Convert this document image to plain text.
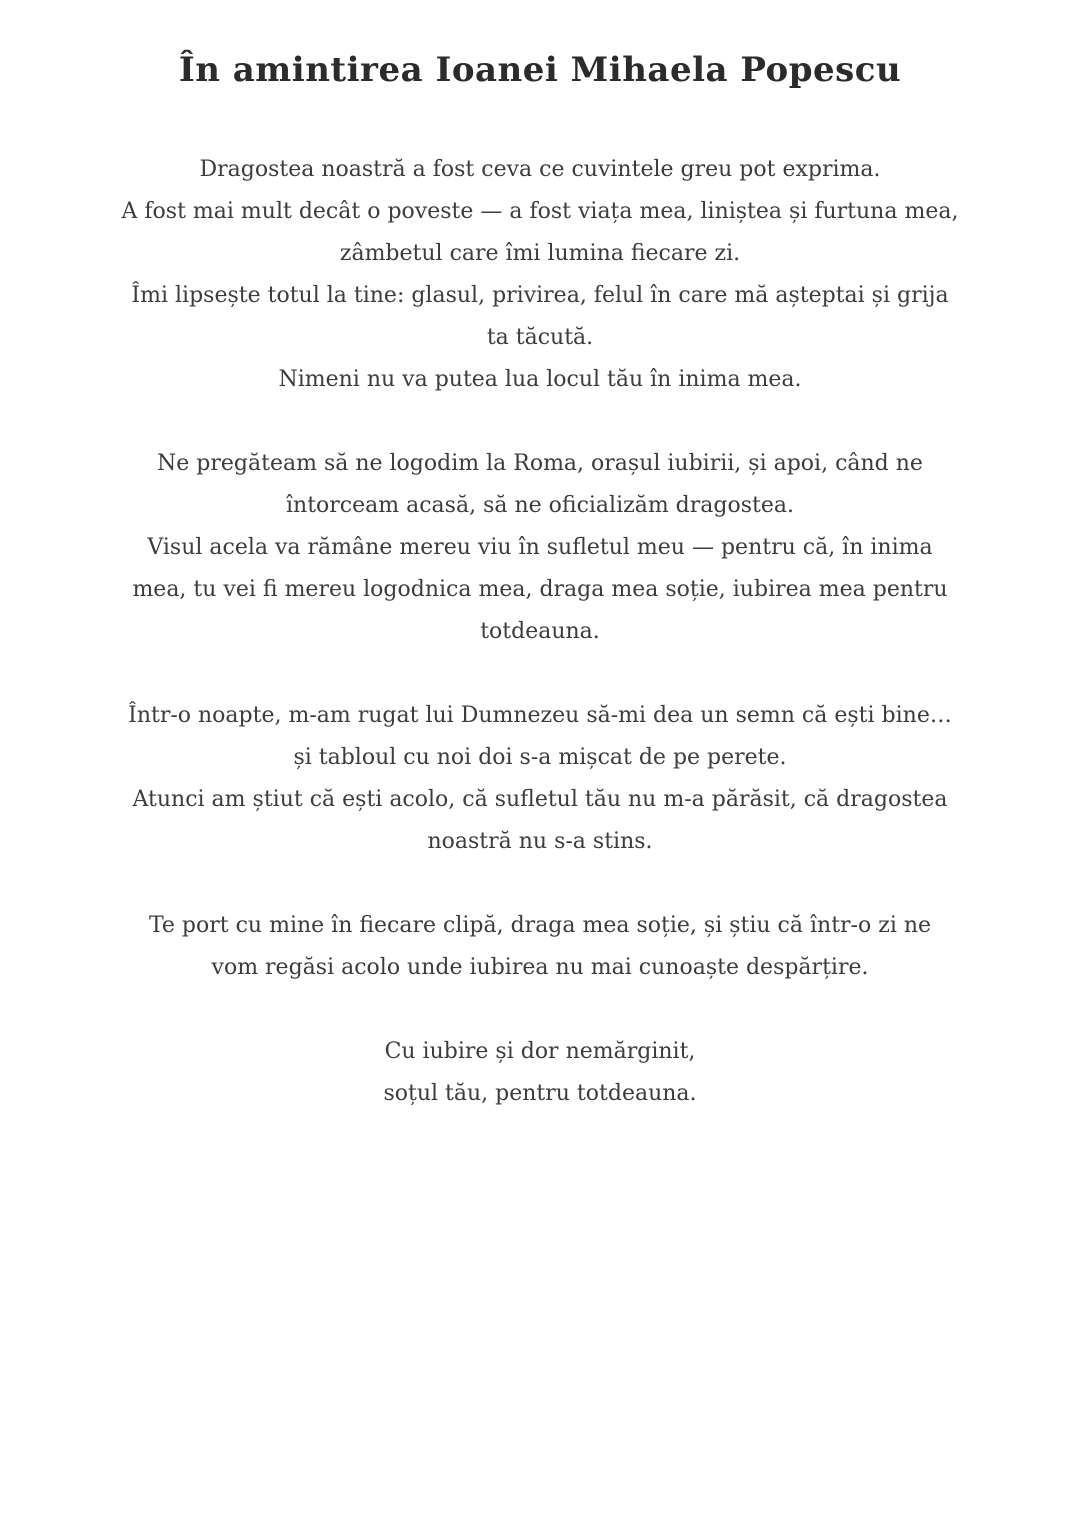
În amintirea Ioanei Mihaela Popescu
Dragostea noastră a fost ceva ce cuvintele greu pot exprima.
A fost mai mult decât o poveste — a fost viața mea, liniștea și furtuna mea,
zâmbetul care îmi lumina fiecare zi.
Îmi lipsește totul la tine: glasul, privirea, felul în care mă așteptai și grija
ta tăcută.
Nimeni nu va putea lua locul tău în inima mea.
Ne pregăteam să ne logodim la Roma, orașul iubirii, și apoi, când ne
întorceam acasă, să ne oficializăm dragostea.
Visul acela va rămâne mereu viu în sufletul meu — pentru că, în inima
mea, tu vei fi mereu logodnica mea, draga mea soție, iubirea mea pentru
totdeauna.
Într-o noapte, m-am rugat lui Dumnezeu să-mi dea un semn că ești bine…
și tabloul cu noi doi s-a mișcat de pe perete.
Atunci am știut că ești acolo, că sufletul tău nu m-a părăsit, că dragostea
noastră nu s-a stins.
Te port cu mine în fiecare clipă, draga mea soție, și știu că într-o zi ne
vom regăsi acolo unde iubirea nu mai cunoaște despărțire.
Cu iubire și dor nemărginit,
soțul tău, pentru totdeauna.
